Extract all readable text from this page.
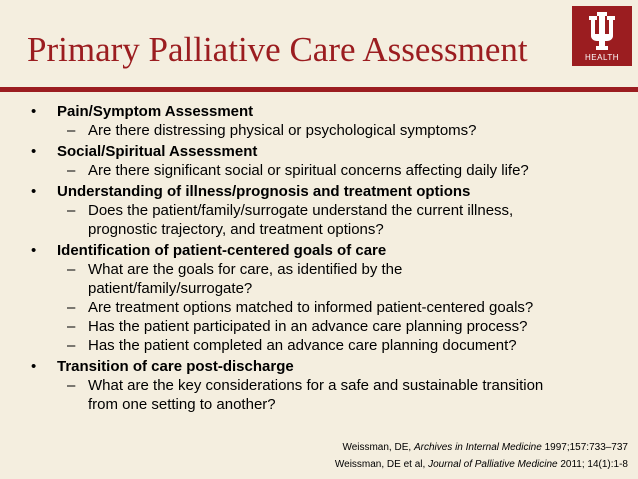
Primary Palliative Care Assessment	HEALTH
• Pain/Symptom Assessment
– Are there distressing physical or psychological symptoms?
• Social/Spiritual Assessment
– Are there significant social or spiritual concerns affecting daily life?
• Understanding of illness/prognosis and treatment options
– Does the patient/family/surrogate understand the current illness,
prognostic trajectory, and treatment options?
• Identification of patient-centered goals of care
– What are the goals for care, as identified by the
patient/family/surrogate?
– Are treatment options matched to informed patient-centered goals?
– Has the patient participated in an advance care planning process?
– Has the patient completed an advance care planning document?
• Transition of care post-discharge
– What are the key considerations for a safe and sustainable transition
from one setting to another?
Weissman, DE, Archives in Internal Medicine 1997;157:733–737
Weissman, DE et al, Journal of Palliative Medicine 2011; 14(1):1-8
